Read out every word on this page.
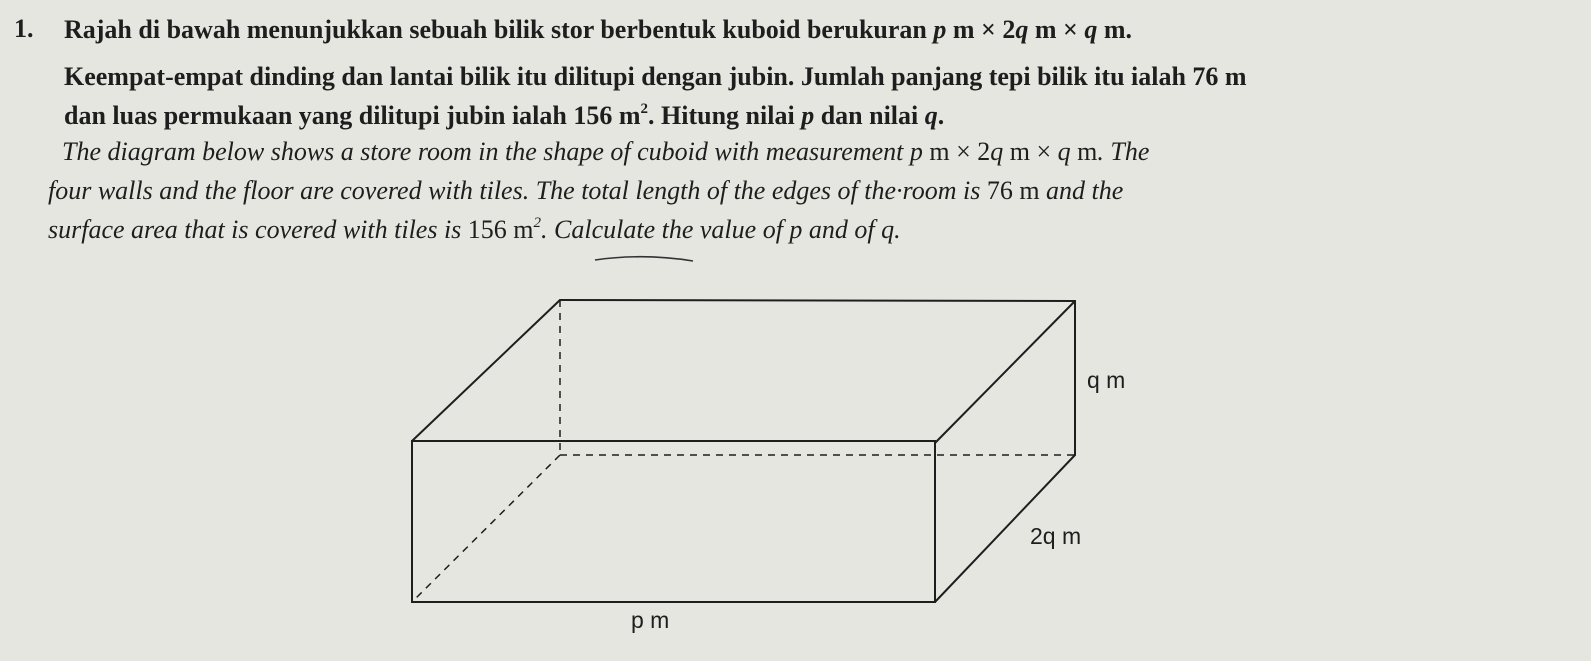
1. Rajah di bawah menunjukkan sebuah bilik stor berbentuk kuboid berukuran p m × 2q m × q m.
Keempat-empat dinding dan lantai bilik itu dilitupi dengan jubin. Jumlah panjang tepi bilik itu ialah 76 m
dan luas permukaan yang dilitupi jubin ialah 156 $m^2$. Hitung nilai p dan nilai q.
The diagram below shows a store room in the shape of cuboid with measurement p m × 2q m × q m. The
four walls and the floor are covered with tiles. The total length of the edges of the·room is 76 m and the
surface area that is covered with tiles is 156 $m^2$. Calculate the value of p and of q.
q m
2q m
p m
